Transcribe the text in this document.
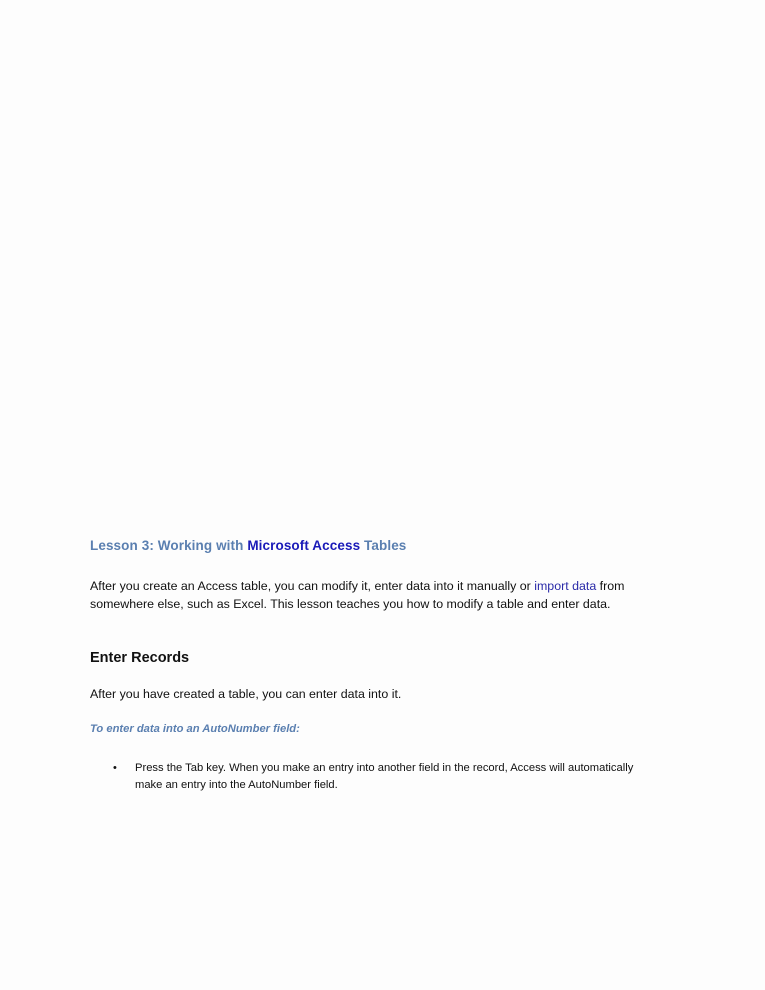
Lesson 3: Working with Microsoft Access Tables

After you create an Access table, you can modify it, enter data into it manually or import data from somewhere else, such as Excel. This lesson teaches you how to modify a table and enter data.

Enter Records
After you have created a table, you can enter data into it.
To enter data into an AutoNumber field:
• Press the Tab key. When you make an entry into another field in the record, Access will automatically make an entry into the AutoNumber field.
